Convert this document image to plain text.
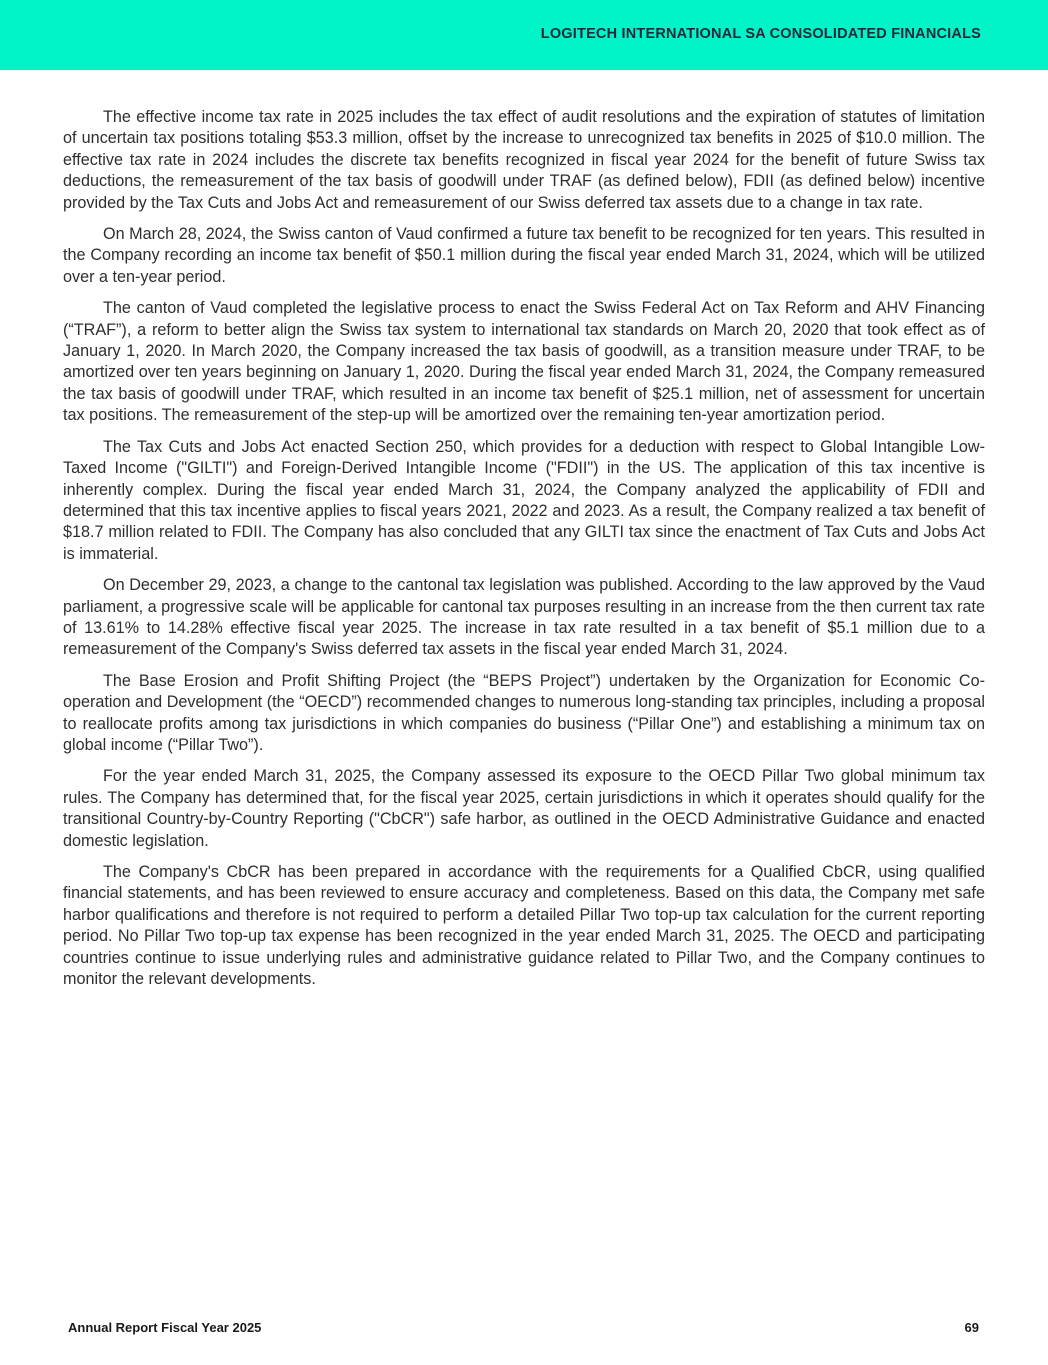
LOGITECH INTERNATIONAL SA CONSOLIDATED FINANCIALS

The effective income tax rate in 2025 includes the tax effect of audit resolutions and the expiration of statutes of limitation of uncertain tax positions totaling $53.3 million, offset by the increase to unrecognized tax benefits in 2025 of $10.0 million. The effective tax rate in 2024 includes the discrete tax benefits recognized in fiscal year 2024 for the benefit of future Swiss tax deductions, the remeasurement of the tax basis of goodwill under TRAF (as defined below), FDII (as defined below) incentive provided by the Tax Cuts and Jobs Act and remeasurement of our Swiss deferred tax assets due to a change in tax rate.

On March 28, 2024, the Swiss canton of Vaud confirmed a future tax benefit to be recognized for ten years. This resulted in the Company recording an income tax benefit of $50.1 million during the fiscal year ended March 31, 2024, which will be utilized over a ten-year period.

The canton of Vaud completed the legislative process to enact the Swiss Federal Act on Tax Reform and AHV Financing (“TRAF”), a reform to better align the Swiss tax system to international tax standards on March 20, 2020 that took effect as of January 1, 2020. In March 2020, the Company increased the tax basis of goodwill, as a transition measure under TRAF, to be amortized over ten years beginning on January 1, 2020. During the fiscal year ended March 31, 2024, the Company remeasured the tax basis of goodwill under TRAF, which resulted in an income tax benefit of $25.1 million, net of assessment for uncertain tax positions. The remeasurement of the step-up will be amortized over the remaining ten-year amortization period.

The Tax Cuts and Jobs Act enacted Section 250, which provides for a deduction with respect to Global Intangible Low-Taxed Income ("GILTI") and Foreign-Derived Intangible Income ("FDII") in the US. The application of this tax incentive is inherently complex. During the fiscal year ended March 31, 2024, the Company analyzed the applicability of FDII and determined that this tax incentive applies to fiscal years 2021, 2022 and 2023. As a result, the Company realized a tax benefit of $18.7 million related to FDII. The Company has also concluded that any GILTI tax since the enactment of Tax Cuts and Jobs Act is immaterial.

On December 29, 2023, a change to the cantonal tax legislation was published. According to the law approved by the Vaud parliament, a progressive scale will be applicable for cantonal tax purposes resulting in an increase from the then current tax rate of 13.61% to 14.28% effective fiscal year 2025. The increase in tax rate resulted in a tax benefit of $5.1 million due to a remeasurement of the Company's Swiss deferred tax assets in the fiscal year ended March 31, 2024.

The Base Erosion and Profit Shifting Project (the “BEPS Project”) undertaken by the Organization for Economic Co-operation and Development (the “OECD”) recommended changes to numerous long-standing tax principles, including a proposal to reallocate profits among tax jurisdictions in which companies do business (“Pillar One”) and establishing a minimum tax on global income (“Pillar Two”).

For the year ended March 31, 2025, the Company assessed its exposure to the OECD Pillar Two global minimum tax rules. The Company has determined that, for the fiscal year 2025, certain jurisdictions in which it operates should qualify for the transitional Country-by-Country Reporting ("CbCR") safe harbor, as outlined in the OECD Administrative Guidance and enacted domestic legislation.

The Company's CbCR has been prepared in accordance with the requirements for a Qualified CbCR, using qualified financial statements, and has been reviewed to ensure accuracy and completeness. Based on this data, the Company met safe harbor qualifications and therefore is not required to perform a detailed Pillar Two top-up tax calculation for the current reporting period. No Pillar Two top-up tax expense has been recognized in the year ended March 31, 2025. The OECD and participating countries continue to issue underlying rules and administrative guidance related to Pillar Two, and the Company continues to monitor the relevant developments.

Annual Report Fiscal Year 2025	69
